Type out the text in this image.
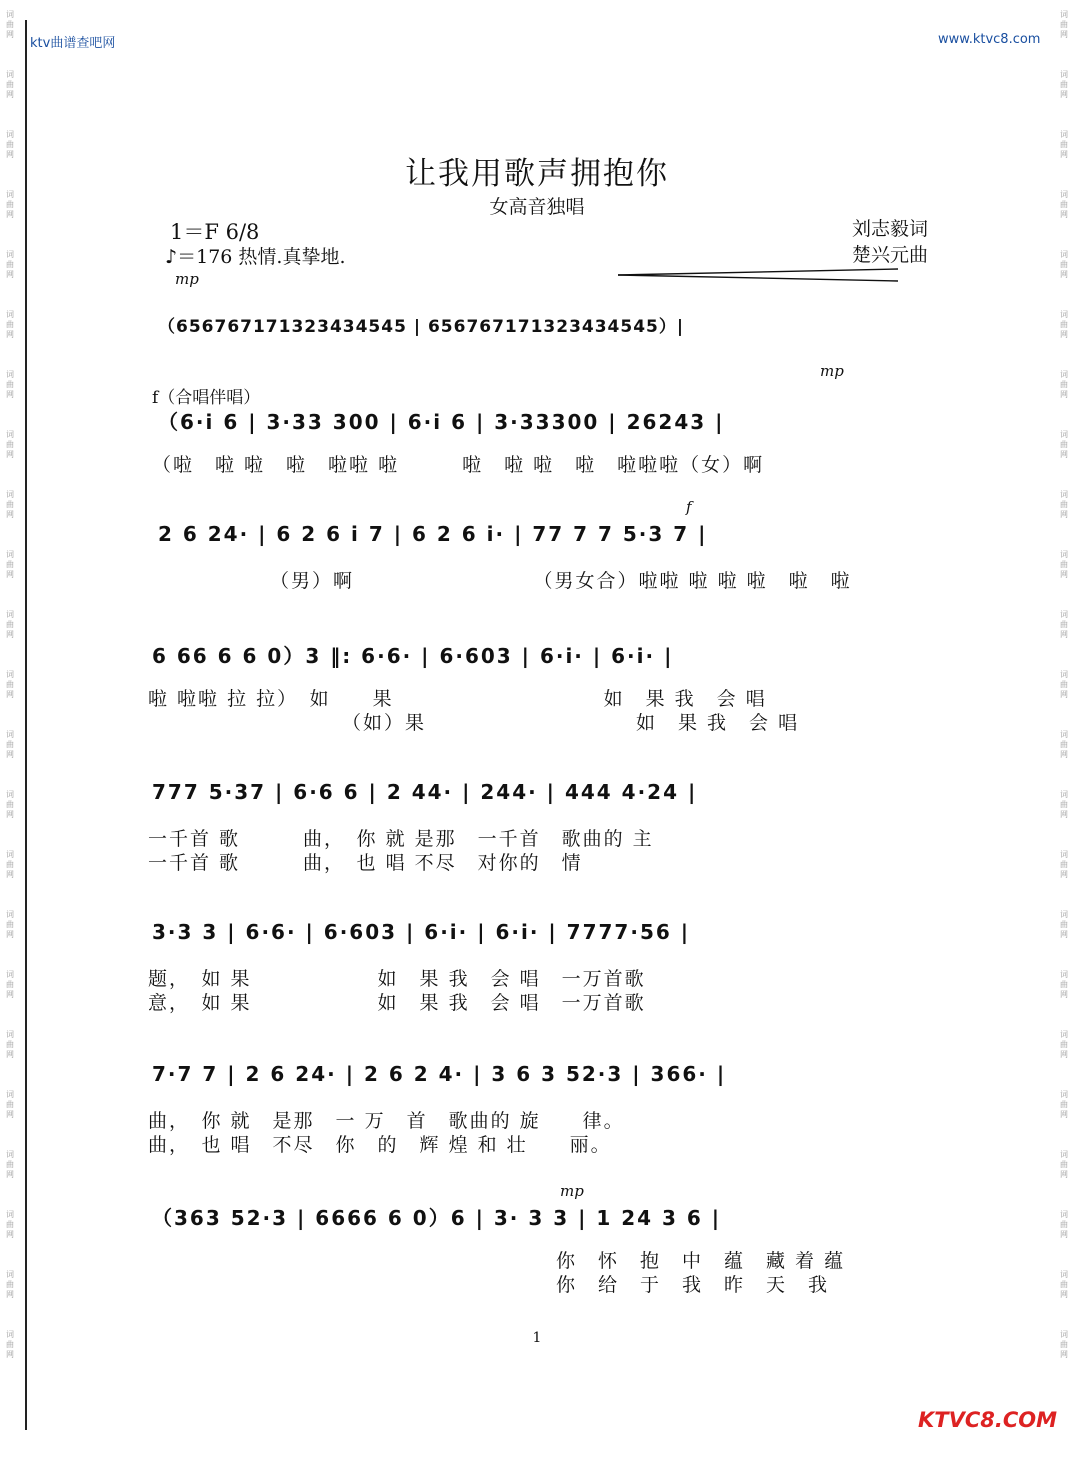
词曲网
词曲网
词曲网
词曲网
词曲网
词曲网
词曲网
词曲网
词曲网
词曲网
词曲网
词曲网
词曲网
词曲网
词曲网
词曲网
词曲网
词曲网
词曲网
词曲网
词曲网
词曲网
词曲网
词曲网
词曲网
词曲网
词曲网
词曲网
词曲网
词曲网
词曲网
词曲网
词曲网
词曲网
词曲网
词曲网
词曲网
词曲网
词曲网
词曲网
词曲网
词曲网
词曲网
词曲网
词曲网
词曲网
ktv曲谱查吧网	www.ktvc8.com
让我用歌声拥抱你
女高音独唱
1＝F 6/8
♪＝176 热情.真挚地.
刘志毅词
楚兴元曲
mp
f（合唱伴唱）
mp
f
mp
（656767171323434545 | 656767171323434545）|
（6·i 6 | 3·33 300 | 6·i 6 | 3·33300 | 26243 |
（啦　啦 啦　啦　啦啦 啦　　　啦　啦 啦　啦　啦啦啦（女）啊
2 6 24· | 6 2 6 i 7 | 6 2 6 i· | 77 7 7 5·3 7 |
（男）啊　　　　　　　　　（男女合）啦啦 啦 啦 啦　啦　啦
6 66 6 6 0）3 ‖: 6·6· | 6·603 | 6·i· | 6·i· |
啦 啦啦 拉 拉）　如　　果　　　　　　　　　　如　果 我　会 唱
（如）果　　　　　　　　　　如　果 我　会 唱
777 5·37 | 6·6 6 | 2 44· | 244· | 444 4·24 |
一千首 歌　　　曲，　你 就 是那　一千首　歌曲的 主
一千首 歌　　　曲，　也 唱 不尽　对你的　情
3·3 3 | 6·6· | 6·603 | 6·i· | 6·i· | 7777·56 |
题，　如 果　　　　　　如　果 我　会 唱　一万首歌
意，　如 果　　　　　　如　果 我　会 唱　一万首歌
7·7 7 | 2 6 24· | 2 6 2 4· | 3 6 3 52·3 | 366· |
曲，　你 就　是那　一 万　首　歌曲的 旋　　律。
曲，　也 唱　不尽　你　的　辉 煌 和 壮　　丽。
（363 52·3 | 6666 6 0）6 | 3· 3 3 | 1 24 3 6 |
你　怀　抱　中　蕴　藏 着 蕴
你　给　于　我　昨　天　我
1
KTVC8.COM
